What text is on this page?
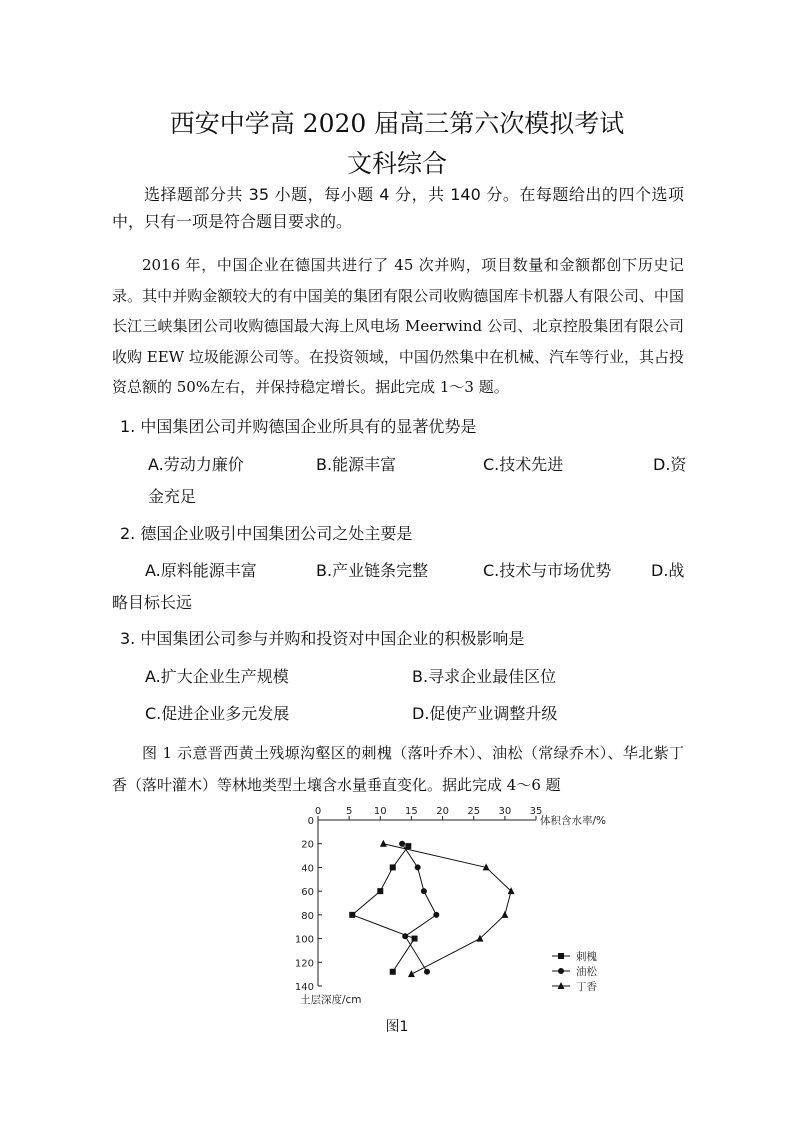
西安中学高 2020 届高三第六次模拟考试
文科综合
选择题部分共 35 小题，每小题 4 分，共 140 分。在每题给出的四个选项中，只有一项是符合题目要求的。
2016 年，中国企业在德国共进行了 45 次并购，项目数量和金额都创下历史记录。其中并购金额较大的有中国美的集团有限公司收购德国库卡机器人有限公司、中国长江三峡集团公司收购德国最大海上风电场 Meerwind 公司、北京控股集团有限公司收购 EEW 垃圾能源公司等。在投资领域，中国仍然集中在机械、汽车等行业，其占投资总额的 50%左右，并保持稳定增长。据此完成 1～3 题。
1. 中国集团公司并购德国企业所具有的显著优势是
A.劳动力廉价	B.能源丰富	C.技术先进	D.资
金充足
2. 德国企业吸引中国集团公司之处主要是
A.原料能源丰富	B.产业链条完整	C.技术与市场优势 D.战
略目标长远
3. 中国集团公司参与并购和投资对中国企业的积极影响是
A.扩大企业生产规模	B.寻求企业最佳区位
C.促进企业多元发展	D.促使产业调整升级
图 1 示意晋西黄土残塬沟壑区的刺槐（落叶乔木）、油松（常绿乔木）、华北紫丁香（落叶灌木）等林地类型土壤含水量垂直变化。据此完成 4～6 题
0 5 10 15 20 25 30 35
0
20
40
60
80
100
120
140
体积含水率/%
土层深度/cm
刺槐
油松
丁香
图1
